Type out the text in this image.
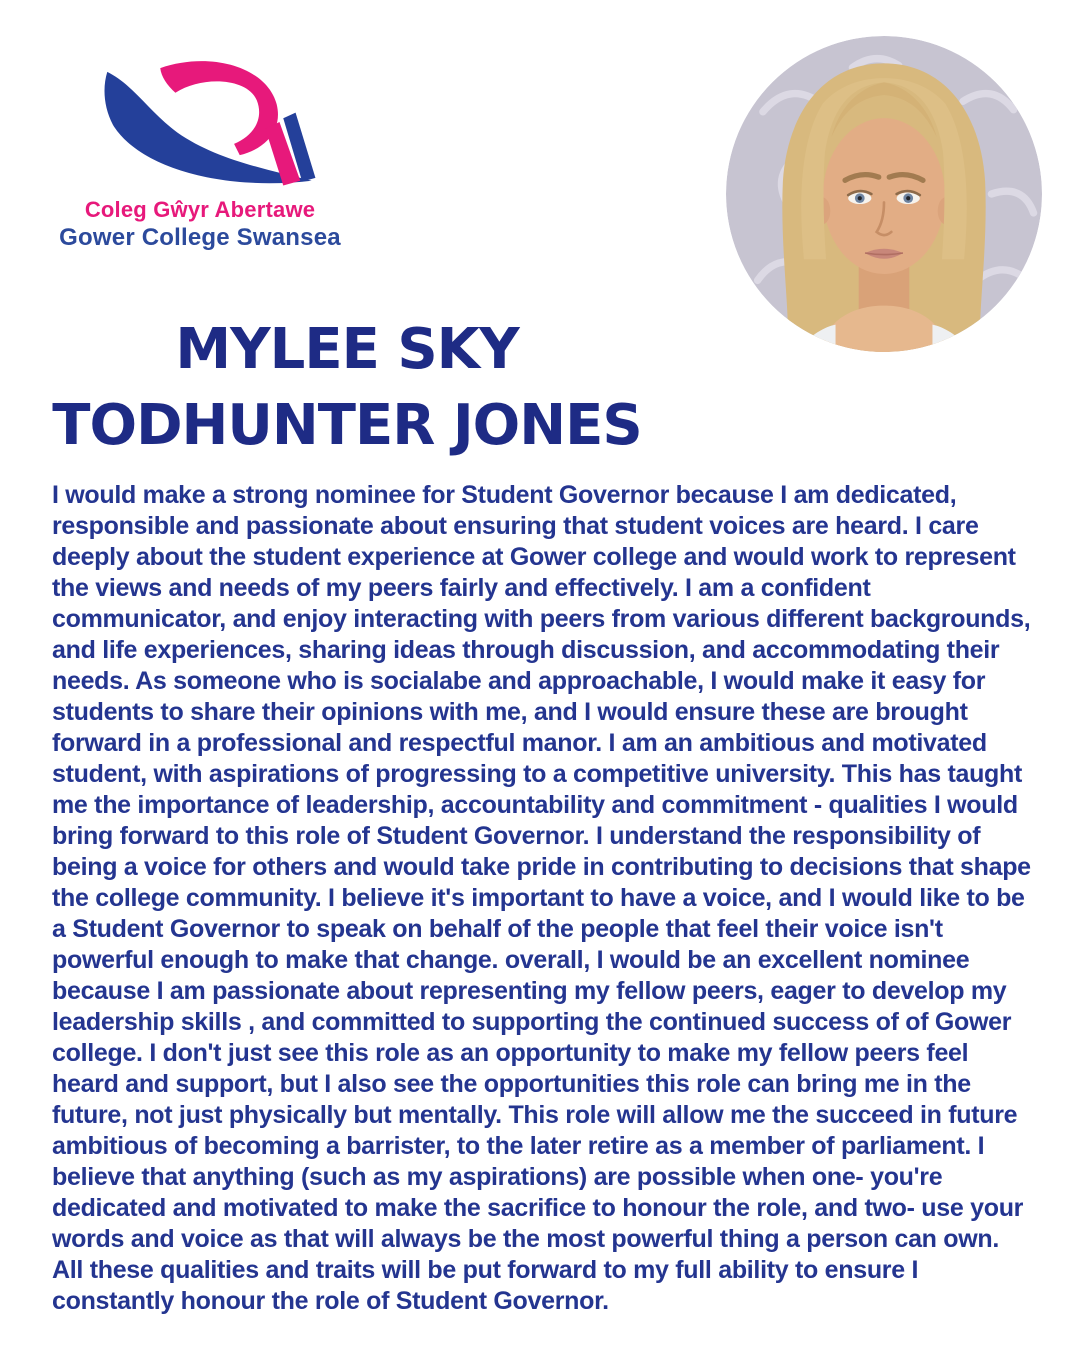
Coleg Gŵyr Abertawe
Gower College Swansea
MYLEE SKY
TODHUNTER JONES

I would make a strong nominee for Student Governor because I am dedicated, responsible and passionate about ensuring that student voices are heard. I care deeply about the student experience at Gower college and would work to represent the views and needs of my peers fairly and effectively. I am a confident communicator, and enjoy interacting with peers from various different backgrounds, and life experiences, sharing ideas through discussion, and accommodating their needs. As someone who is socialabe and approachable, I would make it easy for students to share their opinions with me, and I would ensure these are brought forward in a professional and respectful manor. I am an ambitious and motivated student, with aspirations of progressing to a competitive university. This has taught me the importance of leadership, accountability and commitment - qualities I would bring forward to this role of Student Governor. I understand the responsibility of being a voice for others and would take pride in contributing to decisions that shape the college community. I believe it's important to have a voice, and I would like to be a Student Governor to speak on behalf of the people that feel their voice isn't powerful enough to make that change. overall, I would be an excellent nominee because I am passionate about representing my fellow peers, eager to develop my leadership skills , and committed to supporting the continued success of of Gower college. I don't just see this role as an opportunity to make my fellow peers feel heard and support, but I also see the opportunities this role can bring me in the future, not just physically but mentally. This role will allow me the succeed in future ambitious of becoming a barrister, to the later retire as a member of parliament. I believe that anything (such as my aspirations) are possible when one- you're dedicated and motivated to make the sacrifice to honour the role, and two- use your words and voice as that will always be the most powerful thing a person can own. All these qualities and traits will be put forward to my full ability to ensure I constantly honour the role of Student Governor.
